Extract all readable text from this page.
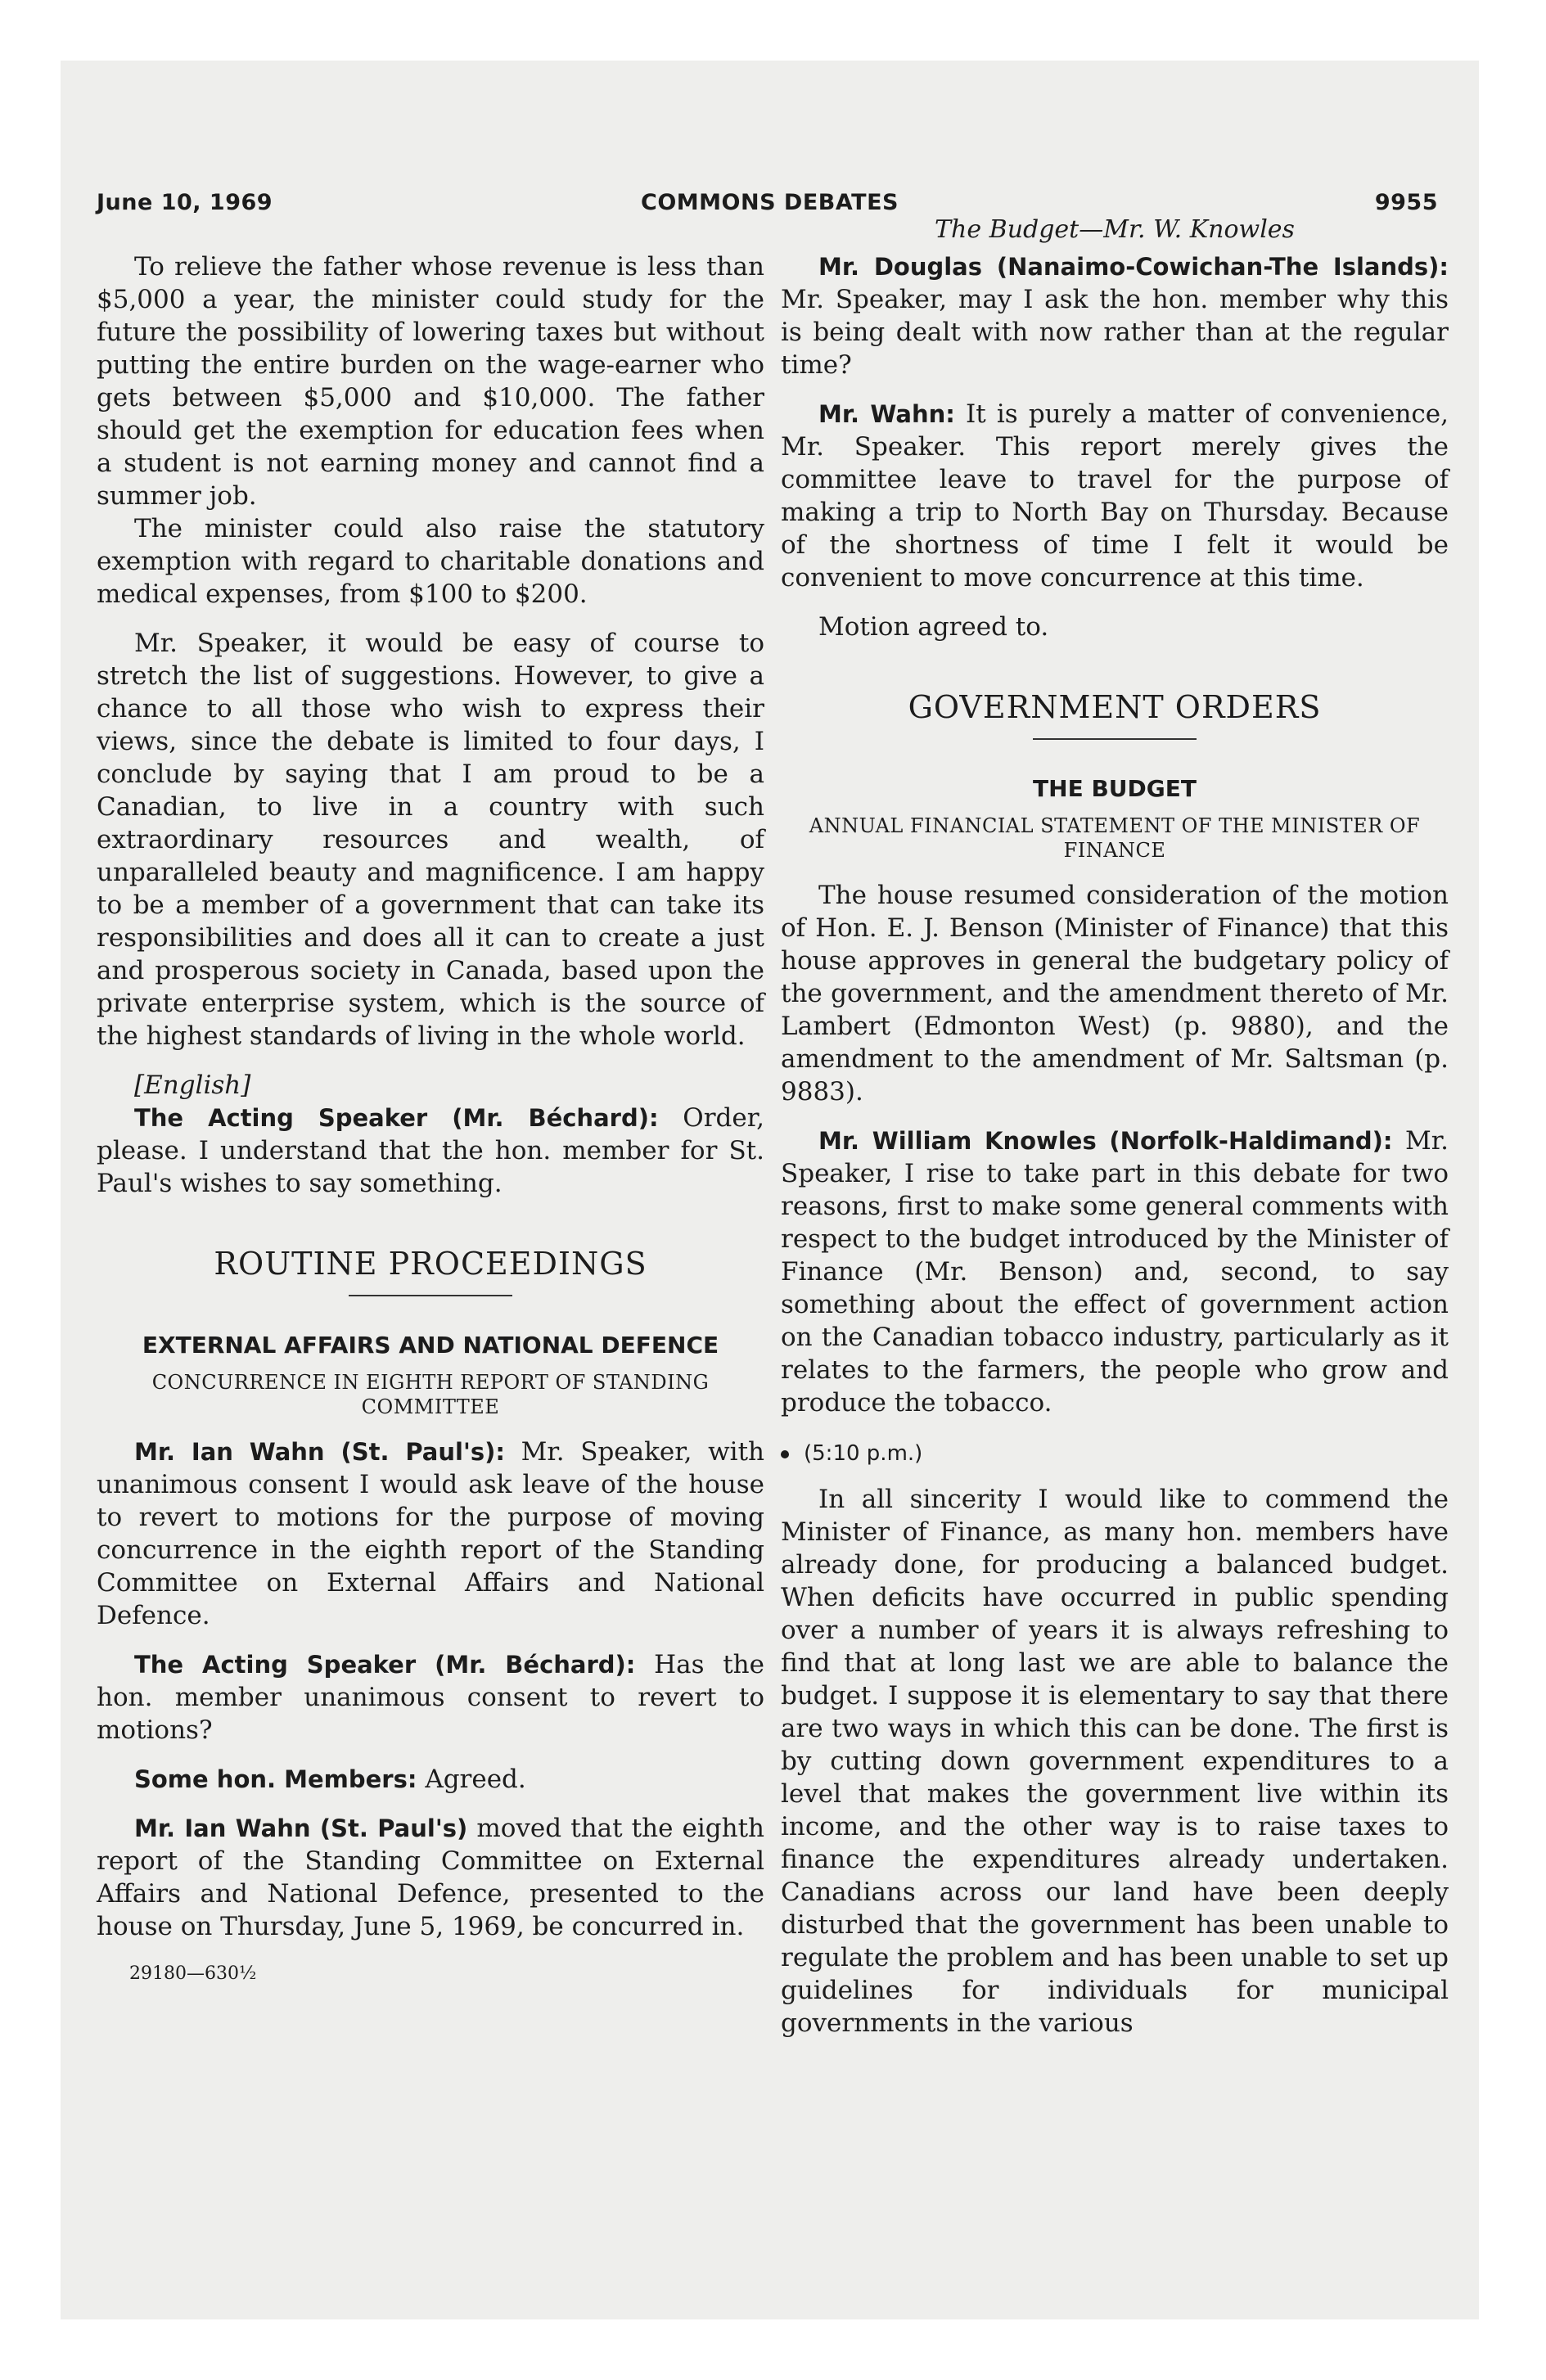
June 10, 1969	COMMONS DEBATES	9955

To relieve the father whose revenue is less than $5,000 a year, the minister could study for the future the possibility of lowering taxes but without putting the entire burden on the wage-earner who gets between $5,000 and $10,000. The father should get the exemption for education fees when a student is not earning money and cannot find a summer job.

The minister could also raise the statutory exemption with regard to charitable donations and medical expenses, from $100 to $200.

Mr. Speaker, it would be easy of course to stretch the list of suggestions. However, to give a chance to all those who wish to express their views, since the debate is limited to four days, I conclude by saying that I am proud to be a Canadian, to live in a country with such extraordinary resources and wealth, of unparalleled beauty and magnificence. I am happy to be a member of a government that can take its responsibilities and does all it can to create a just and prosperous society in Canada, based upon the private enterprise system, which is the source of the highest standards of living in the whole world.

[English]

The Acting Speaker (Mr. Béchard): Order, please. I understand that the hon. member for St. Paul's wishes to say something.

ROUTINE PROCEEDINGS
EXTERNAL AFFAIRS AND NATIONAL DEFENCE
CONCURRENCE IN EIGHTH REPORT OF STANDING COMMITTEE

Mr. Ian Wahn (St. Paul's): Mr. Speaker, with unanimous consent I would ask leave of the house to revert to motions for the purpose of moving concurrence in the eighth report of the Standing Committee on External Affairs and National Defence.

The Acting Speaker (Mr. Béchard): Has the hon. member unanimous consent to revert to motions?

Some hon. Members: Agreed.

Mr. Ian Wahn (St. Paul's) moved that the eighth report of the Standing Committee on External Affairs and National Defence, presented to the house on Thursday, June 5, 1969, be concurred in.

29180—630½
The Budget—Mr. W. Knowles

Mr. Douglas (Nanaimo-Cowichan-The Islands): Mr. Speaker, may I ask the hon. member why this is being dealt with now rather than at the regular time?

Mr. Wahn: It is purely a matter of convenience, Mr. Speaker. This report merely gives the committee leave to travel for the purpose of making a trip to North Bay on Thursday. Because of the shortness of time I felt it would be convenient to move concurrence at this time.

Motion agreed to.

GOVERNMENT ORDERS
THE BUDGET
ANNUAL FINANCIAL STATEMENT OF THE MINISTER OF FINANCE

The house resumed consideration of the motion of Hon. E. J. Benson (Minister of Finance) that this house approves in general the budgetary policy of the government, and the amendment thereto of Mr. Lambert (Edmonton West) (p. 9880), and the amendment to the amendment of Mr. Saltsman (p. 9883).

Mr. William Knowles (Norfolk-Haldimand): Mr. Speaker, I rise to take part in this debate for two reasons, first to make some general comments with respect to the budget introduced by the Minister of Finance (Mr. Benson) and, second, to say something about the effect of government action on the Canadian tobacco industry, particularly as it relates to the farmers, the people who grow and produce the tobacco.

(5:10 p.m.)

In all sincerity I would like to commend the Minister of Finance, as many hon. members have already done, for producing a balanced budget. When deficits have occurred in public spending over a number of years it is always refreshing to find that at long last we are able to balance the budget. I suppose it is elementary to say that there are two ways in which this can be done. The first is by cutting down government expenditures to a level that makes the government live within its income, and the other way is to raise taxes to finance the expenditures already undertaken. Canadians across our land have been deeply disturbed that the government has been unable to regulate the problem and has been unable to set up guidelines for individuals for municipal governments in the various
